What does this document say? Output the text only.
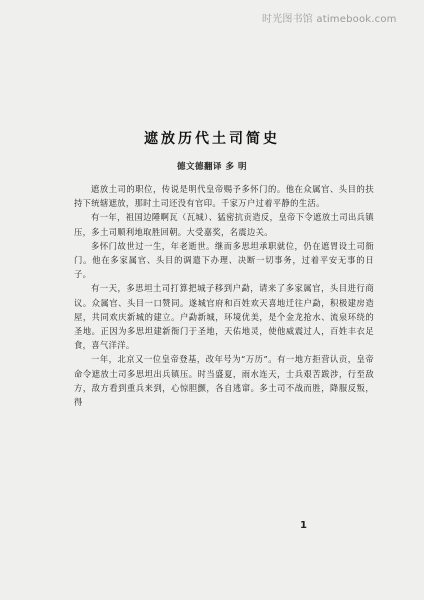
时光图书馆 atimebook.com
遮放历代土司简史
德文德翻译 多 明

遮放土司的职位，传说是明代皇帝赐予多怀门的。他在众属官、头目的扶持下统辖遮放，那时土司还没有官印。千家万户过着平静的生活。

有一年，祖国边陲啊瓦（瓦城）、猛密抗贡造反，皇帝下令遮放土司出兵镇压，多土司顺利地取胜回朝。大受嘉奖，名震边关。

多怀门故世过一生，年老逝世。继而多思坦承职就位，仍在遮胃设土司衙门。他在多家属官、头目的调遣下办理、决断一切事务，过着平安无事的日子。

有一天，多思坦土司打算把城子移到户勐，请来了多家属官，头目进行商议。众属官、头目一口赞同。遂城官府和百姓欢天喜地迁往户勐，积极建房造屋，共同欢庆新城的建立。户勐新城，环境优美，是个金龙抢水、流泉环绕的圣地。正因为多思坦建新衙门于圣地，天佑地灵，使他威震过人，百姓丰衣足食，喜气洋洋。

一年，北京又一位皇帝登基，改年号为“万历”。有一地方拒营认贡，皇帝命令遮放土司多思坦出兵镇压。时当盛夏，雨水连天，士兵艰苦跋涉，行至敌方，敌方看到重兵来到，心惊胆颤，各自逃窜。多土司不战而胜，降服反叛，得

1
